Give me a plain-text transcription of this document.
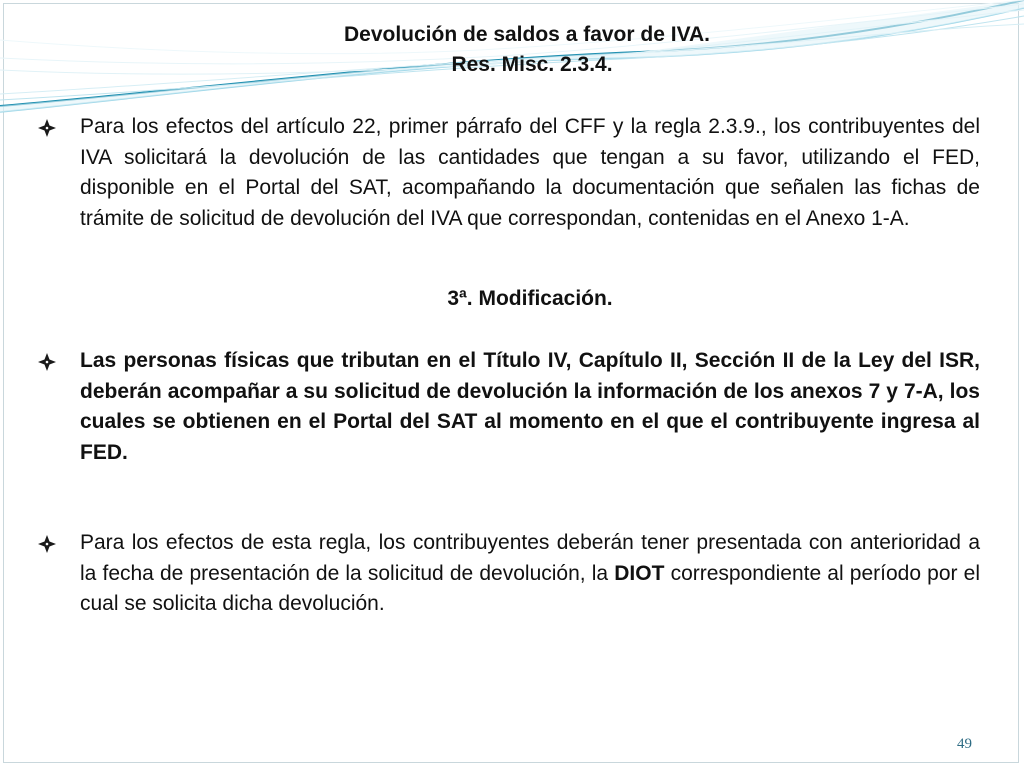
Devolución de saldos a favor de IVA.
Res. Misc. 2.3.4.
Para los efectos del artículo 22, primer párrafo del CFF y la regla 2.3.9., los contribuyentes del IVA solicitará la devolución de las cantidades que tengan a su favor, utilizando el FED, disponible en el Portal del SAT, acompañando la documentación que señalen las fichas de trámite de solicitud de devolución del IVA que correspondan, contenidas en el Anexo 1-A.
3ª. Modificación.
Las personas físicas que tributan en el Título IV, Capítulo II, Sección II de la Ley del ISR, deberán acompañar a su solicitud de devolución la información de los anexos 7 y 7-A, los cuales se obtienen en el Portal del SAT al momento en el que el contribuyente ingresa al FED.
Para los efectos de esta regla, los contribuyentes deberán tener presentada con anterioridad a la fecha de presentación de la solicitud de devolución, la DIOT correspondiente al período por el cual se solicita dicha devolución.
49
